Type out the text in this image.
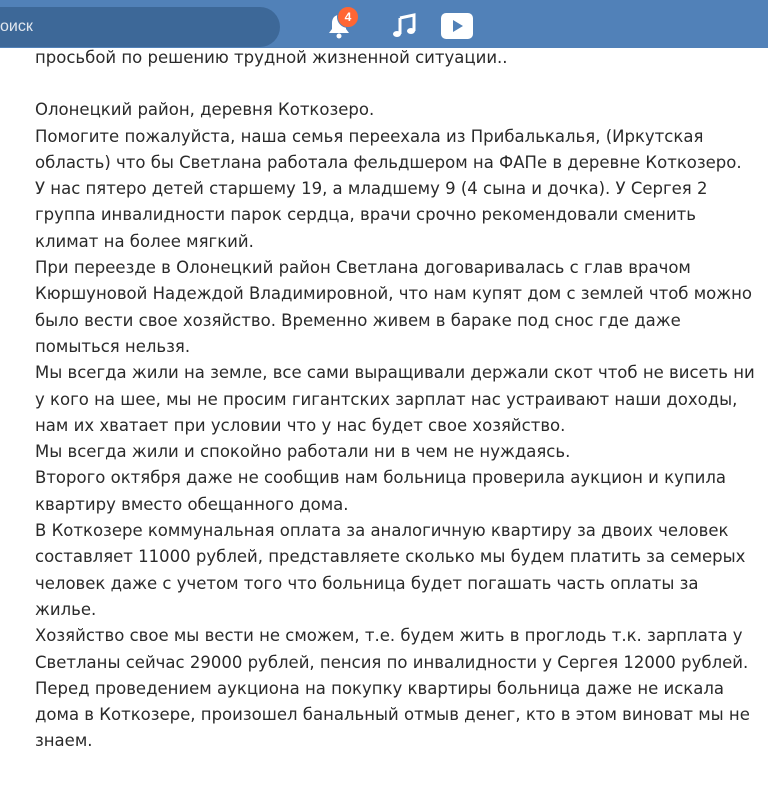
оиск
4

просьбой по решению трудной жизненной ситуации..

Олонецкий район, деревня Коткозеро.

Помогите пожалуйста, наша семья переехала из Прибалькалья, (Иркутская область) что бы Светлана работала фельдшером на ФАПе в деревне Коткозеро.

У нас пятеро детей старшему 19, а младшему 9 (4 сына и дочка). У Сергея 2 группа инвалидности парок сердца, врачи срочно рекомендовали сменить климат на более мягкий.

При переезде в Олонецкий район Светлана договаривалась с глав врачом Кюршуновой Надеждой Владимировной, что нам купят дом с землей чтоб можно было вести свое хозяйство. Временно живем в бараке под снос где даже помыться нельзя.

Мы всегда жили на земле, все сами выращивали держали скот чтоб не висеть ни у кого на шее, мы не просим гигантских зарплат нас устраивают наши доходы, нам их хватает при условии что у нас будет свое хозяйство.

Мы всегда жили и спокойно работали ни в чем не нуждаясь.

Второго октября даже не сообщив нам больница проверила аукцион и купила квартиру вместо обещанного дома.

В Коткозере коммунальная оплата за аналогичную квартиру за двоих человек составляет 11000 рублей, представляете сколько мы будем платить за семерых человек даже с учетом того что больница будет погашать часть оплаты за жилье.

Хозяйство свое мы вести не сможем, т.е. будем жить в проглодь т.к. зарплата у Светланы сейчас 29000 рублей, пенсия по инвалидности у Сергея 12000 рублей.

Перед проведением аукциона на покупку квартиры больница даже не искала дома в Коткозере, произошел банальный отмыв денег, кто в этом виноват мы не знаем.
